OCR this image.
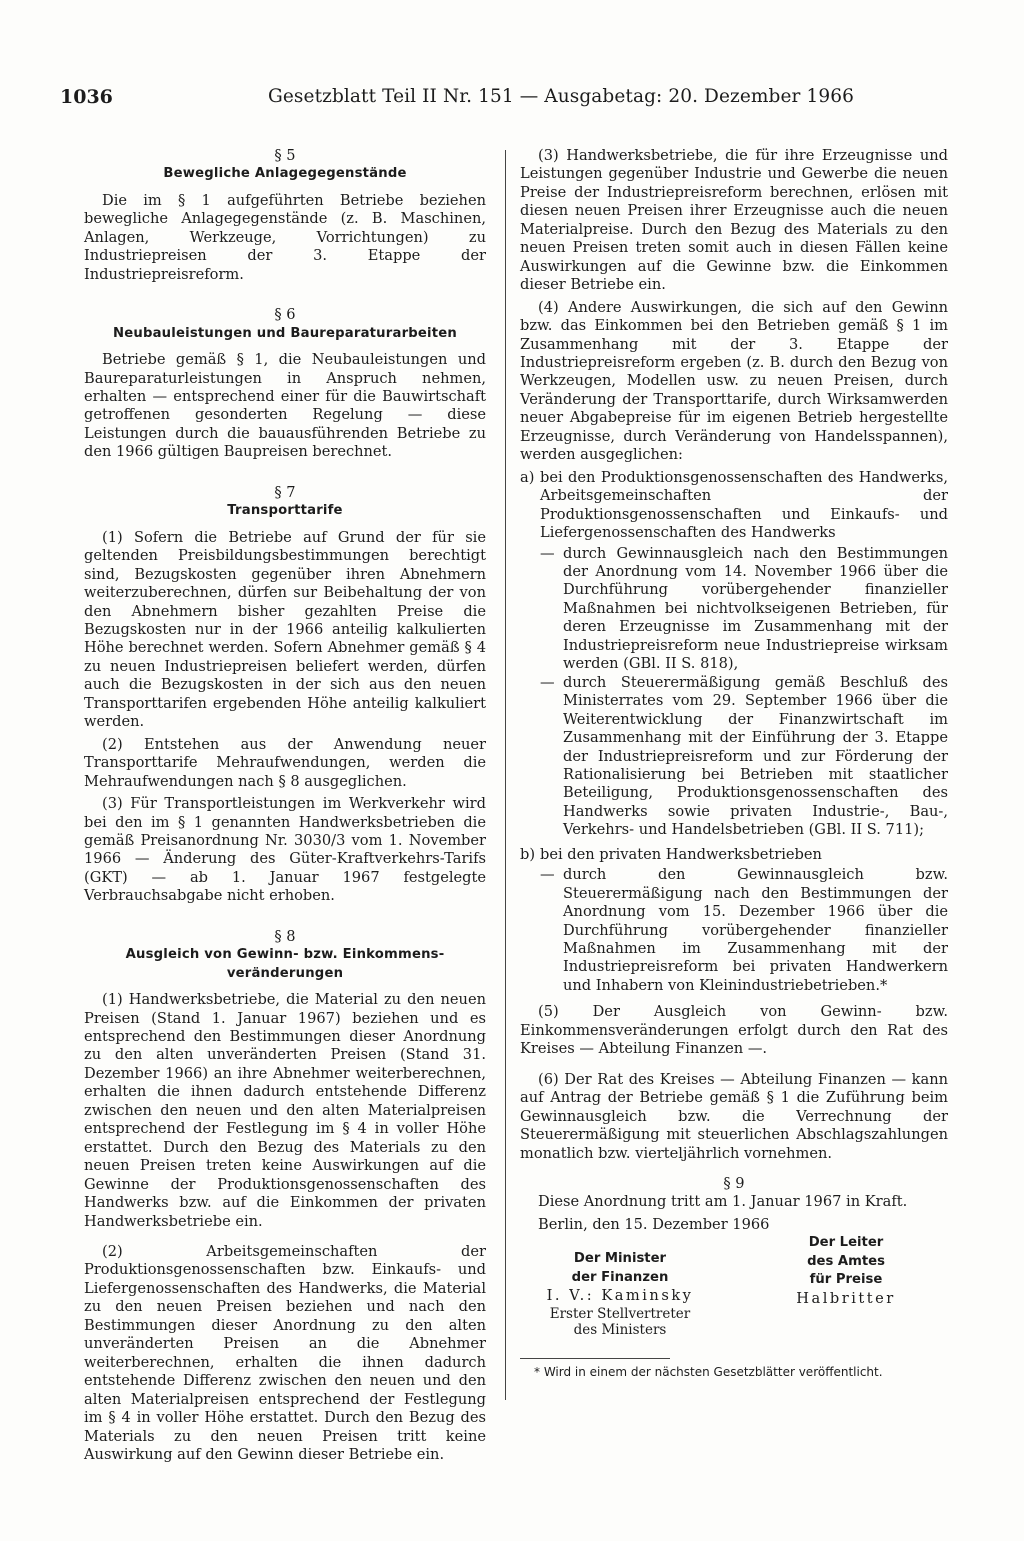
1036	Gesetzblatt Teil II Nr. 151 — Ausgabetag: 20. Dezember 1966
§ 5
Bewegliche Anlagegegenstände

Die im § 1 aufgeführten Betriebe beziehen bewegliche Anlagegegenstände (z. B. Maschinen, Anlagen, Werkzeuge, Vorrichtungen) zu Industriepreisen der 3. Etappe der Industriepreisreform.

§ 6
Neubauleistungen und Baureparaturarbeiten

Betriebe gemäß § 1, die Neubauleistungen und Baureparaturleistungen in Anspruch nehmen, erhalten — entsprechend einer für die Bauwirtschaft getroffenen gesonderten Regelung — diese Leistungen durch die bauausführenden Betriebe zu den 1966 gültigen Baupreisen berechnet.

§ 7
Transporttarife

(1) Sofern die Betriebe auf Grund der für sie geltenden Preisbildungsbestimmungen berechtigt sind, Bezugskosten gegenüber ihren Abnehmern weiterzuberechnen, dürfen sur Beibehaltung der von den Abnehmern bisher gezahlten Preise die Bezugskosten nur in der 1966 anteilig kalkulierten Höhe berechnet werden. Sofern Abnehmer gemäß § 4 zu neuen Industriepreisen beliefert werden, dürfen auch die Bezugskosten in der sich aus den neuen Transporttarifen ergebenden Höhe anteilig kalkuliert werden.

(2) Entstehen aus der Anwendung neuer Transporttarife Mehraufwendungen, werden die Mehraufwendungen nach § 8 ausgeglichen.

(3) Für Transportleistungen im Werkverkehr wird bei den im § 1 genannten Handwerksbetrieben die gemäß Preisanordnung Nr. 3030/3 vom 1. November 1966 — Änderung des Güter-Kraftverkehrs-Tarifs (GKT) — ab 1. Januar 1967 festgelegte Verbrauchsabgabe nicht erhoben.

§ 8
Ausgleich von Gewinn- bzw. Einkommens-
veränderungen

(1) Handwerksbetriebe, die Material zu den neuen Preisen (Stand 1. Januar 1967) beziehen und es entsprechend den Bestimmungen dieser Anordnung zu den alten unveränderten Preisen (Stand 31. Dezember 1966) an ihre Abnehmer weiterberechnen, erhalten die ihnen dadurch entstehende Differenz zwischen den neuen und den alten Materialpreisen entsprechend der Festlegung im § 4 in voller Höhe erstattet. Durch den Bezug des Materials zu den neuen Preisen treten keine Auswirkungen auf die Gewinne der Produktionsgenossenschaften des Handwerks bzw. auf die Einkommen der privaten Handwerksbetriebe ein.

(2) Arbeitsgemeinschaften der Produktionsgenossenschaften bzw. Einkaufs- und Liefergenossenschaften des Handwerks, die Material zu den neuen Preisen beziehen und nach den Bestimmungen dieser Anordnung zu den alten unveränderten Preisen an die Abnehmer weiterberechnen, erhalten die ihnen dadurch entstehende Differenz zwischen den neuen und den alten Materialpreisen entsprechend der Festlegung im § 4 in voller Höhe erstattet. Durch den Bezug des Materials zu den neuen Preisen tritt keine Auswirkung auf den Gewinn dieser Betriebe ein.

(3) Handwerksbetriebe, die für ihre Erzeugnisse und Leistungen gegenüber Industrie und Gewerbe die neuen Preise der Industriepreisreform berechnen, erlösen mit diesen neuen Preisen ihrer Erzeugnisse auch die neuen Materialpreise. Durch den Bezug des Materials zu den neuen Preisen treten somit auch in diesen Fällen keine Auswirkungen auf die Gewinne bzw. die Einkommen dieser Betriebe ein.

(4) Andere Auswirkungen, die sich auf den Gewinn bzw. das Einkommen bei den Betrieben gemäß § 1 im Zusammenhang mit der 3. Etappe der Industriepreisreform ergeben (z. B. durch den Bezug von Werkzeugen, Modellen usw. zu neuen Preisen, durch Veränderung der Transporttarife, durch Wirksamwerden neuer Abgabepreise für im eigenen Betrieb hergestellte Erzeugnisse, durch Veränderung von Handelsspannen), werden ausgeglichen:

a) bei den Produktionsgenossenschaften des Handwerks, Arbeitsgemeinschaften der Produktionsgenossenschaften und Einkaufs- und Liefergenossenschaften des Handwerks
— durch Gewinnausgleich nach den Bestimmungen der Anordnung vom 14. November 1966 über die Durchführung vorübergehender finanzieller Maßnahmen bei nichtvolkseigenen Betrieben, für deren Erzeugnisse im Zusammenhang mit der Industriepreisreform neue Industriepreise wirksam werden (GBl. II S. 818),
— durch Steuerermäßigung gemäß Beschluß des Ministerrates vom 29. September 1966 über die Weiterentwicklung der Finanzwirtschaft im Zusammenhang mit der Einführung der 3. Etappe der Industriepreisreform und zur Förderung der Rationalisierung bei Betrieben mit staatlicher Beteiligung, Produktionsgenossenschaften des Handwerks sowie privaten Industrie-, Bau-, Verkehrs- und Handelsbetrieben (GBl. II S. 711);
b) bei den privaten Handwerksbetrieben
— durch den Gewinnausgleich bzw. Steuerermäßigung nach den Bestimmungen der Anordnung vom 15. Dezember 1966 über die Durchführung vorübergehender finanzieller Maßnahmen im Zusammenhang mit der Industriepreisreform bei privaten Handwerkern und Inhabern von Kleinindustriebetrieben.*

(5) Der Ausgleich von Gewinn- bzw. Einkommensveränderungen erfolgt durch den Rat des Kreises — Abteilung Finanzen —.

(6) Der Rat des Kreises — Abteilung Finanzen — kann auf Antrag der Betriebe gemäß § 1 die Zuführung beim Gewinnausgleich bzw. die Verrechnung der Steuerermäßigung mit steuerlichen Abschlagszahlungen monatlich bzw. vierteljährlich vornehmen.

§ 9

Diese Anordnung tritt am 1. Januar 1967 in Kraft.

Berlin, den 15. Dezember 1966

Der Minister
der Finanzen
I. V.: Kaminsky
Erster Stellvertreter
des Ministers
Der Leiter
des Amtes
für Preise
Halbritter
* Wird in einem der nächsten Gesetzblätter veröffentlicht.
